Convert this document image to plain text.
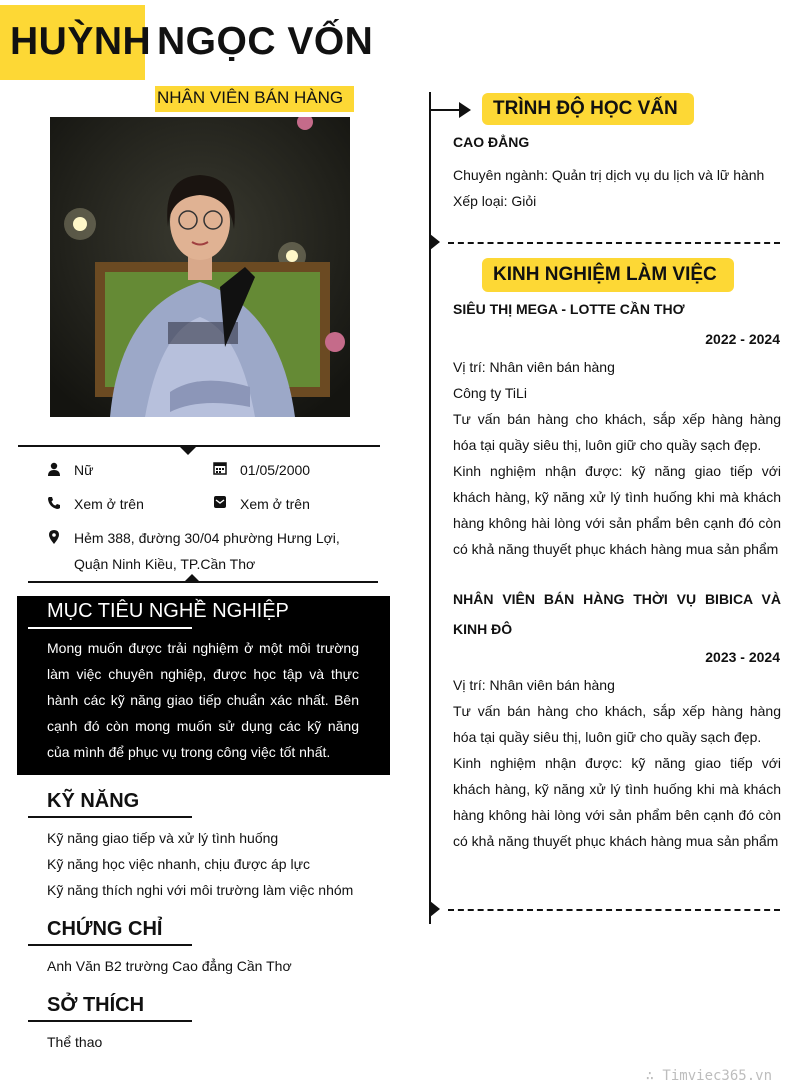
HUỲNH NGỌC VỐN
NHÂN VIÊN BÁN HÀNG
Nữ	01/05/2000
Xem ở trên	Xem ở trên
Hẻm 388, đường 30/04 phường Hưng Lợi,
Quận Ninh Kiều, TP.Cần Thơ
MỤC TIÊU NGHỀ NGHIỆP
Mong muốn được trải nghiệm ở một môi trường làm việc chuyên nghiệp, được học tập và thực hành các kỹ năng giao tiếp chuẩn xác nhất. Bên cạnh đó còn mong muốn sử dụng các kỹ năng của mình để phục vụ trong công việc tốt nhất.
KỸ NĂNG
Kỹ năng giao tiếp và xử lý tình huống
Kỹ năng học việc nhanh, chịu được áp lực
Kỹ năng thích nghi với môi trường làm việc nhóm
CHỨNG CHỈ
Anh Văn B2 trường Cao đẳng Cần Thơ
SỞ THÍCH
Thể thao
TRÌNH ĐỘ HỌC VẤN
CAO ĐẲNG
Chuyên ngành: Quản trị dịch vụ du lịch và lữ hành
Xếp loại: Giỏi
KINH NGHIỆM LÀM VIỆC
SIÊU THỊ MEGA - LOTTE CẦN THƠ
2022 - 2024
Vị trí: Nhân viên bán hàng
Công ty TiLi
Tư vấn bán hàng cho khách, sắp xếp hàng hàng hóa tại quầy siêu thị, luôn giữ cho quầy sạch đẹp.
Kinh nghiệm nhận được: kỹ năng giao tiếp với khách hàng, kỹ năng xử lý tình huống khi mà khách hàng không hài lòng với sản phẩm bên cạnh đó còn có khả năng thuyết phục khách hàng mua sản phẩm
NHÂN VIÊN BÁN HÀNG THỜI VỤ BIBICA VÀ KINH ĐÔ
2023 - 2024
Vị trí: Nhân viên bán hàng
Tư vấn bán hàng cho khách, sắp xếp hàng hàng hóa tại quầy siêu thị, luôn giữ cho quầy sạch đẹp.
Kinh nghiệm nhận được: kỹ năng giao tiếp với khách hàng, kỹ năng xử lý tình huống khi mà khách hàng không hài lòng với sản phẩm bên cạnh đó còn có khả năng thuyết phục khách hàng mua sản phẩm
∴ Timviec365.vn
